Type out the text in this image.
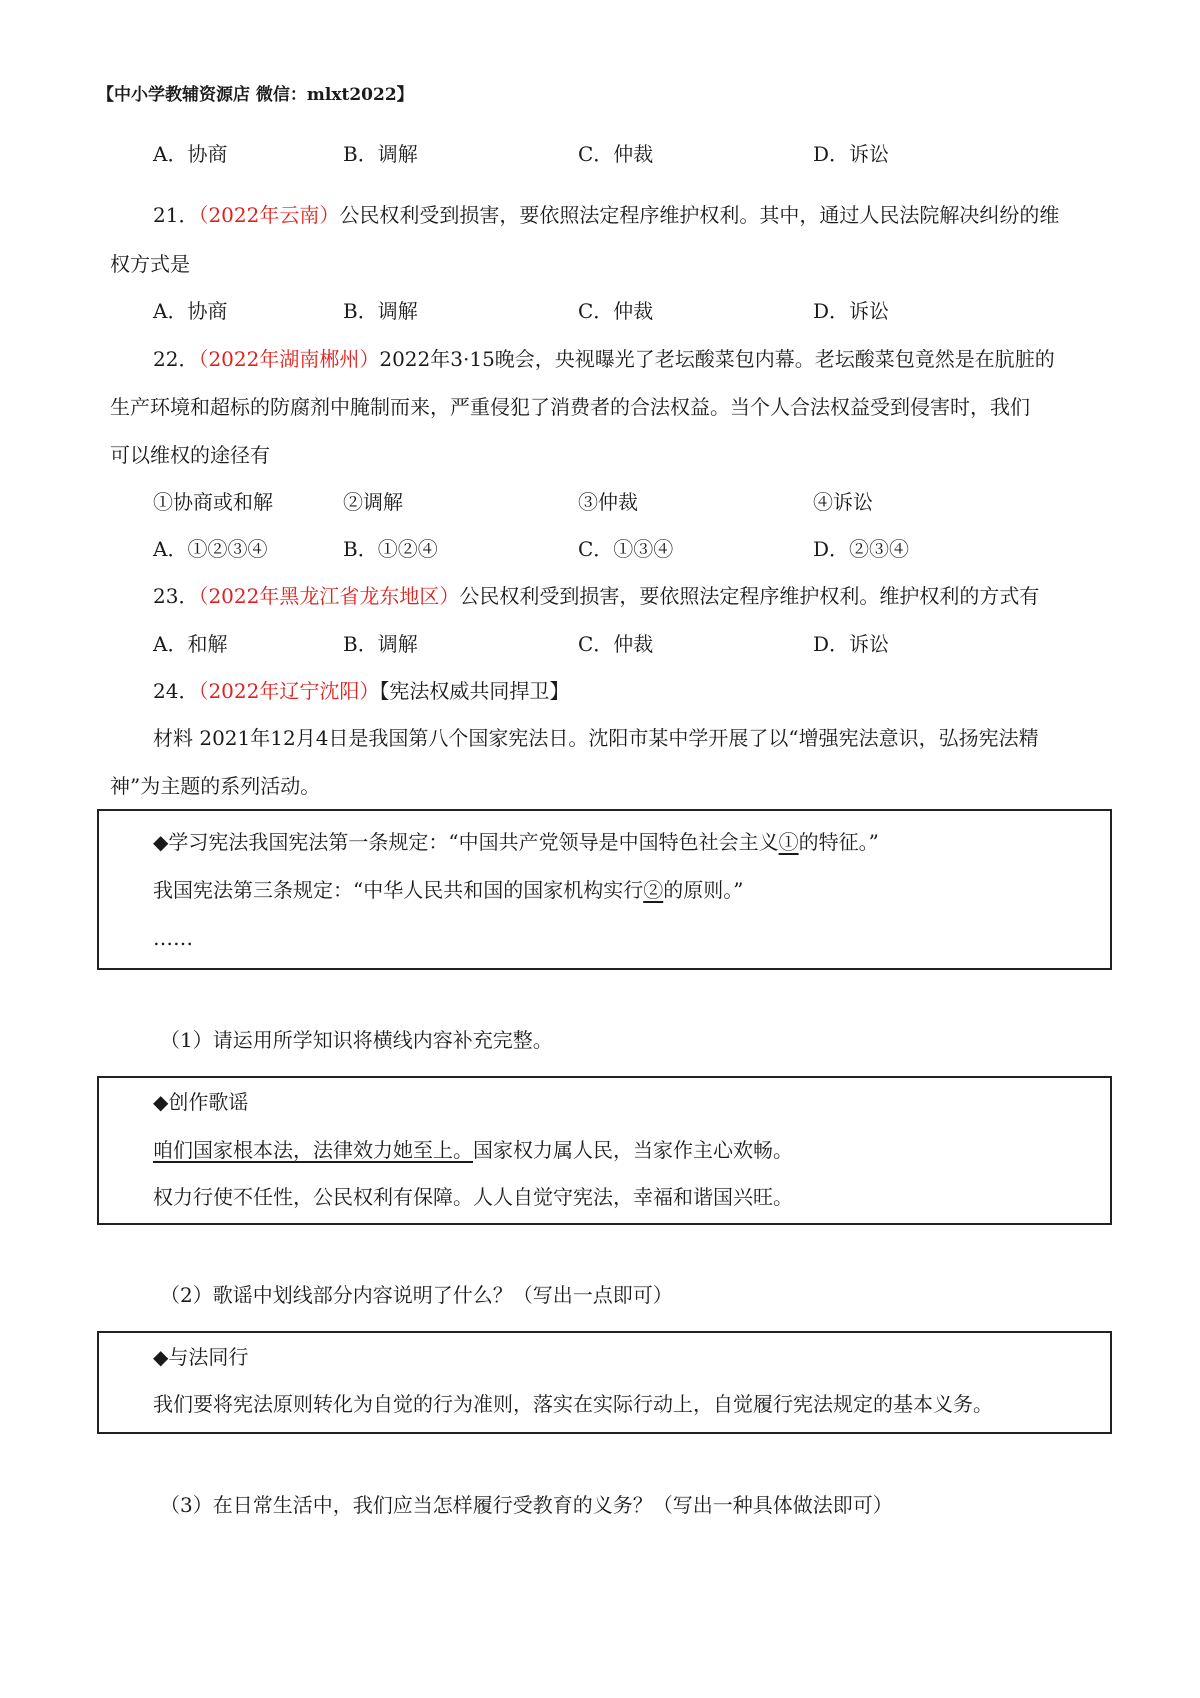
【中小学教辅资源店 微信：mlxt2022】
A．协商	B．调解	C．仲裁	D．诉讼
21．（2022年云南）公民权利受到损害，要依照法定程序维护权利。其中，通过人民法院解决纠纷的维
权方式是
A．协商	B．调解	C．仲裁	D．诉讼
22．（2022年湖南郴州）2022年3·15晚会，央视曝光了老坛酸菜包内幕。老坛酸菜包竟然是在肮脏的
生产环境和超标的防腐剂中腌制而来，严重侵犯了消费者的合法权益。当个人合法权益受到侵害时，我们
可以维权的途径有
①协商或和解	②调解	③仲裁	④诉讼
A．①②③④	B．①②④	C．①③④	D．②③④
23．（2022年黑龙江省龙东地区）公民权利受到损害，要依照法定程序维护权利。维护权利的方式有
A．和解	B．调解	C．仲裁	D．诉讼
24．（2022年辽宁沈阳）【宪法权威共同捍卫】
材料 2021年12月4日是我国第八个国家宪法日。沈阳市某中学开展了以“增强宪法意识，弘扬宪法精
神”为主题的系列活动。
◆学习宪法我国宪法第一条规定：“中国共产党领导是中国特色社会主义①的特征。”
我国宪法第三条规定：“中华人民共和国的国家机构实行②的原则。”
……
（1）请运用所学知识将横线内容补充完整。
◆创作歌谣
咱们国家根本法，法律效力她至上。国家权力属人民，当家作主心欢畅。
权力行使不任性，公民权利有保障。人人自觉守宪法，幸福和谐国兴旺。
（2）歌谣中划线部分内容说明了什么？（写出一点即可）
◆与法同行
我们要将宪法原则转化为自觉的行为准则，落实在实际行动上，自觉履行宪法规定的基本义务。
（3）在日常生活中，我们应当怎样履行受教育的义务？（写出一种具体做法即可）
